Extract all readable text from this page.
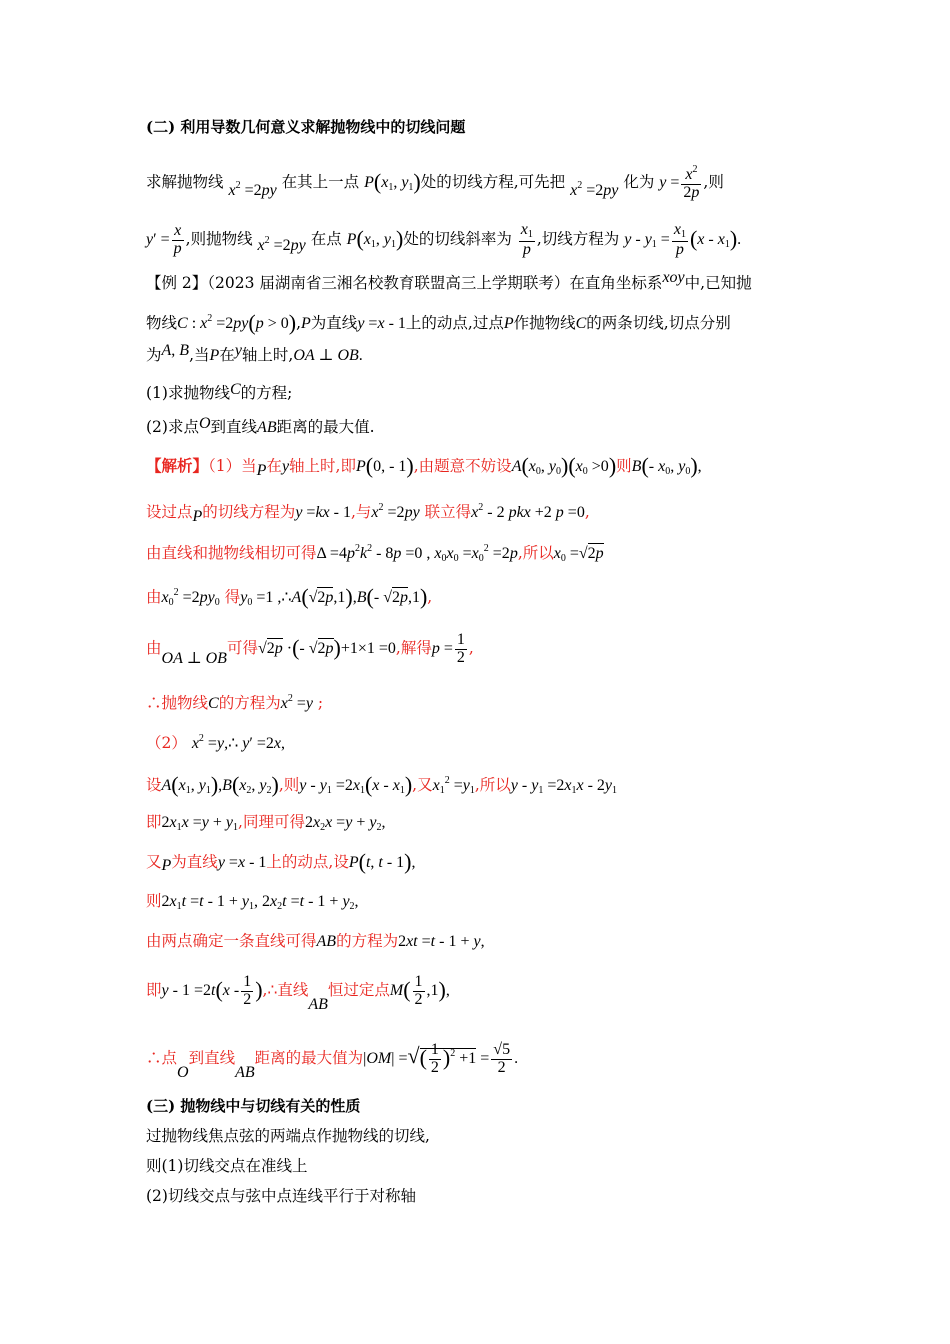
(二) 利用导数几何意义求解抛物线中的切线问题
求解抛物线 $x^2 =2py$ 在其上一点 $P(x_1$, $y_1$)处的切线方程,可先把 $x^2 =2py$ 化为 $y = \frac{x^2}{2p}$ ,则
$y' = \frac{x}{p}$ ,则抛物线 $x^2 =2py$ 在点 $P(x_1$, $y_1$)处的切线斜率为 $\frac{x_1}{p}$ ,切线方程为 $y - y_1 = \frac{x_1}{p} (x - x_1)$.
【例 2】（2023 届湖南省三湘名校教育联盟高三上学期联考）在直角坐标系xoy中,已知抛
物线C : $x^2 =2py(p > 0),P$为直线y =x - 1上的动点,过点P作抛物线C的两条切线,切点分别
为A, B,当P在y轴上时,OA ⊥ OB.
(1)求抛物线C的方程;
(2)求点O到直线AB距离的最大值.
【解析】（1）当P在y轴上时,即P(0, - 1),由题意不妨设$A(x_0$, $y_0)(x_0 >0)$则B(- $x_0$, $y_0$),
设过点P的切线方程为y =kx - 1,与$x^2 =2py$ 联立得$x^2 - 2$ pkx +2 p =0,
由直线和抛物线相切可得$\Delta =4p^2k^2 - 8p =0$ , $x_0x_0 =x_0^2 =2p$,所以$x_0 =√2p$
由$x_0^2 =2py_0$ 得$y_0 =1$ ,∴A(√2p,1),B(- √2p,1),
由OA ⊥ OB可得√2p ·(- √2p)+1×1 =0,解得$p = \frac{1}{2}$ ,
∴抛物线C的方程为$x^2 =y$ ;
（2） $x^2$ =y,∴ y′ =2x,
设$A(x_1$, $y_1),B(x_2$, $y_2$),则$y - y_1 =2x_1(x - x_1)$,又$x_1^2 =y_1$,所以$y - y_1 =2x_1x - 2y_1$
即$2x_1x =y + y_1$,同理可得$2x_2x =y + y_2$,
又P为直线y =x - 1上的动点,设P(t, t - 1),
则$2x_1t =t - 1 + y_1$, $2x_2t =t - 1 + y_2$,
由两点确定一条直线可得AB的方程为2xt =t - 1 + y,
即$y - 1 =2t(x - \frac{1}{2}$ ),∴直线AB恒过定点$M( \frac{1}{2} ,1)$,
∴点O到直线AB距离的最大值为|OM| =√( $\frac{1}{2} )^2 +1 = \frac{√5}{2}$ .
(三) 抛物线中与切线有关的性质
过抛物线焦点弦的两端点作抛物线的切线,
则(1)切线交点在准线上
(2)切线交点与弦中点连线平行于对称轴
